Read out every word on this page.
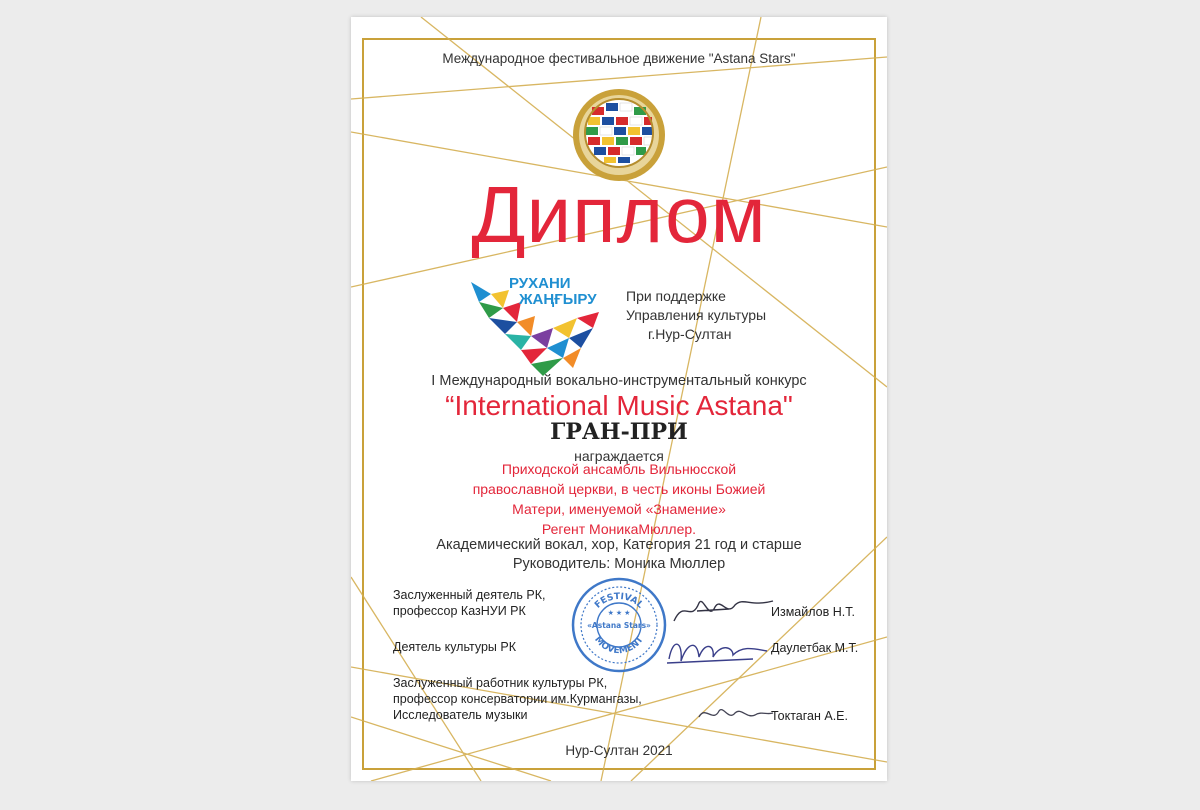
Международное фестивальное движение "Astana Stars"
Диплом
РУХАНИ
ЖАҢҒЫРУ При поддержке
Управления культуры
г.Нур-Султан
I Международный вокально-инструментальный конкурс
“International Music Astana"
ГРАН-ПРИ
награждается
Приходской ансамбль Вильнюсской
православной церкви, в честь иконы Божией
Матери, именуемой «Знамение»
Регент МоникаМюллер.
Академический вокал, хор, Категория 21 год и старше
Руководитель: Моника Мюллер
Заслуженный деятель РК,
профессор КазНУИ РК
Деятель культуры РК
Заслуженный работник культуры РК,
профессор консерватории им.Курмангазы,
Исследователь музыки
Измайлов Н.Т.
Даулетбак М.Т.
Токтаган А.Е.
FESTIVAL
MOVEMENT
«Astana Stars»
★ ★ ★
Нур-Султан 2021
